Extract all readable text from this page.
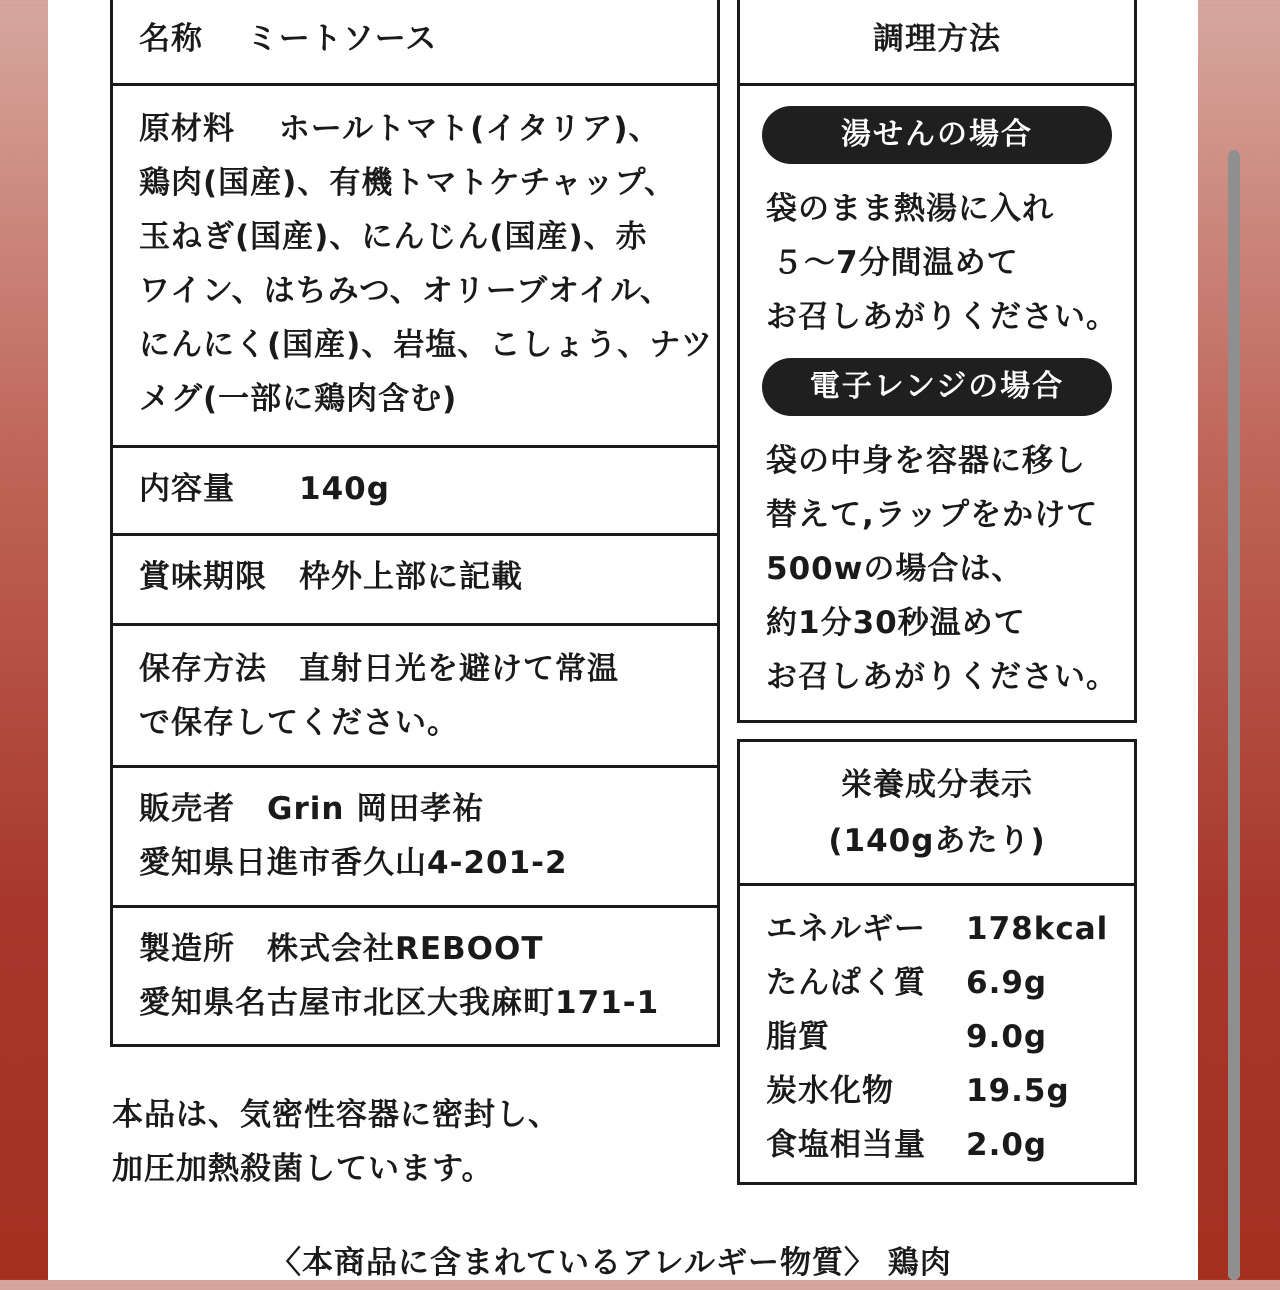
名称　 ミートソース
原材料　 ホールトマト(イタリア)、
鶏肉(国産)、有機トマトケチャップ、
玉ねぎ(国産)、にんじん(国産)、赤
ワイン、はちみつ、オリーブオイル、
にんにく(国産)、岩塩、こしょう、ナツ
メグ(一部に鶏肉含む)
内容量　　140g
賞味期限　枠外上部に記載
保存方法　直射日光を避けて常温
で保存してください。
販売者　Grin 岡田孝祐
愛知県日進市香久山4-201-2
製造所　株式会社REBOOT
愛知県名古屋市北区大我麻町171-1
調理方法
湯せんの場合
袋のまま熱湯に入れ
５〜7分間温めて
お召しあがりください。
電子レンジの場合
袋の中身を容器に移し
替えて,ラップをかけて
500wの場合は、
約1分30秒温めて
お召しあがりください。
栄養成分表示
(140gあたり)
エネルギー 178kcal
たんぱく質 6.9g
脂質	9.0g
炭水化物 19.5g
食塩相当量 2.0g
本品は、気密性容器に密封し、
加圧加熱殺菌しています。
〈本商品に含まれているアレルギー物質〉 鶏肉
